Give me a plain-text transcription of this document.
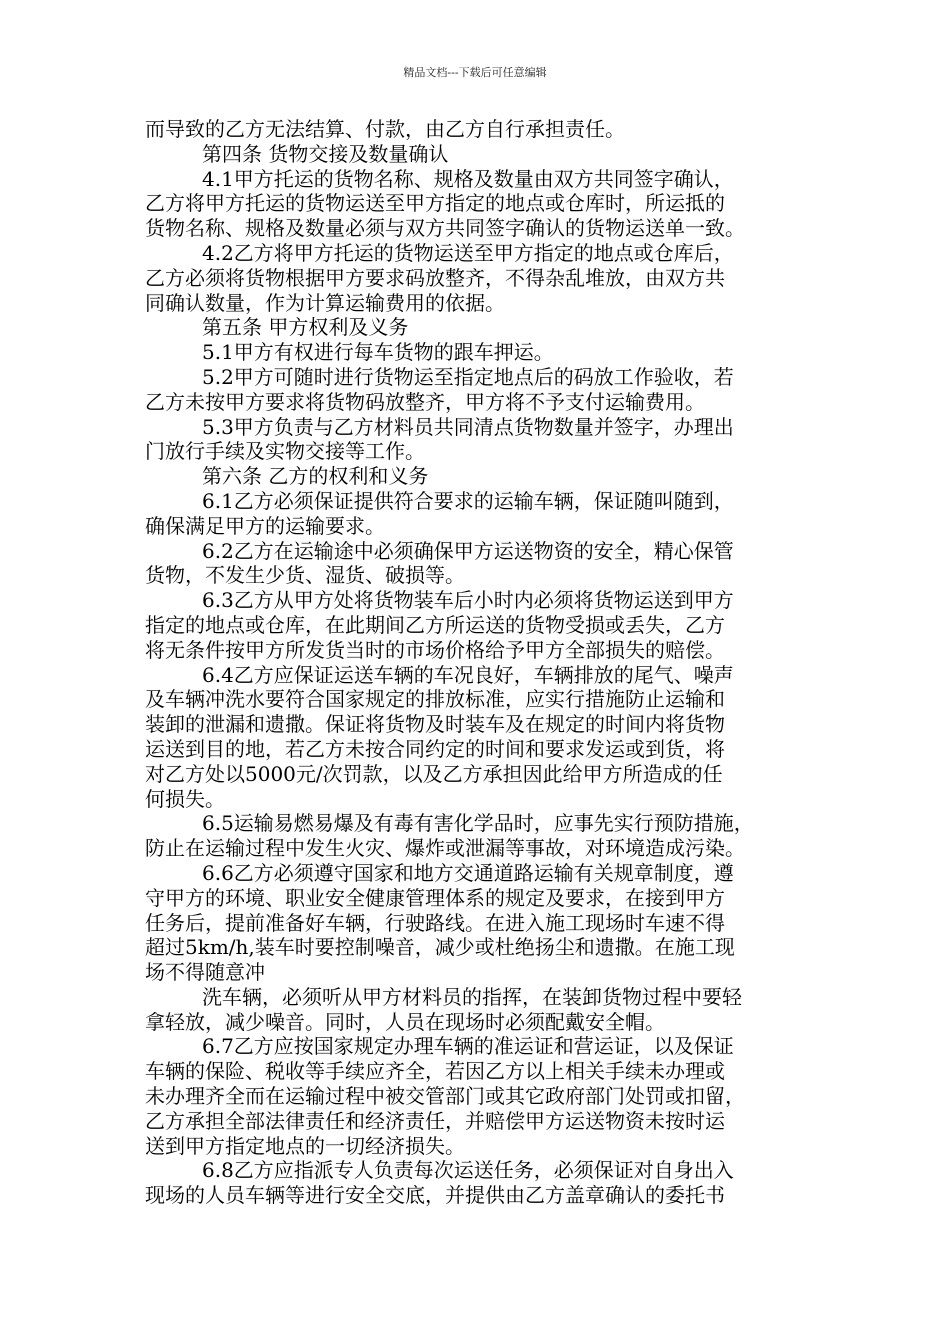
精品文档---下载后可任意编辑
而导致的乙方无法结算、付款，由乙方自行承担责任。
第四条 货物交接及数量确认
4.1甲方托运的货物名称、规格及数量由双方共同签字确认，
乙方将甲方托运的货物运送至甲方指定的地点或仓库时，所运抵的
货物名称、规格及数量必须与双方共同签字确认的货物运送单一致。
4.2乙方将甲方托运的货物运送至甲方指定的地点或仓库后，
乙方必须将货物根据甲方要求码放整齐，不得杂乱堆放，由双方共
同确认数量，作为计算运输费用的依据。
第五条 甲方权利及义务
5.1甲方有权进行每车货物的跟车押运。
5.2甲方可随时进行货物运至指定地点后的码放工作验收，若
乙方未按甲方要求将货物码放整齐，甲方将不予支付运输费用。
5.3甲方负责与乙方材料员共同清点货物数量并签字，办理出
门放行手续及实物交接等工作。
第六条 乙方的权利和义务
6.1乙方必须保证提供符合要求的运输车辆，保证随叫随到，
确保满足甲方的运输要求。
6.2乙方在运输途中必须确保甲方运送物资的安全，精心保管
货物，不发生少货、湿货、破损等。
6.3乙方从甲方处将货物装车后小时内必须将货物运送到甲方
指定的地点或仓库，在此期间乙方所运送的货物受损或丢失，乙方
将无条件按甲方所发货当时的市场价格给予甲方全部损失的赔偿。
6.4乙方应保证运送车辆的车况良好，车辆排放的尾气、噪声
及车辆冲洗水要符合国家规定的排放标准，应实行措施防止运输和
装卸的泄漏和遗撒。保证将货物及时装车及在规定的时间内将货物
运送到目的地，若乙方未按合同约定的时间和要求发运或到货，将
对乙方处以5000元/次罚款，以及乙方承担因此给甲方所造成的任
何损失。
6.5运输易燃易爆及有毒有害化学品时，应事先实行预防措施，
防止在运输过程中发生火灾、爆炸或泄漏等事故，对环境造成污染。
6.6乙方必须遵守国家和地方交通道路运输有关规章制度，遵
守甲方的环境、职业安全健康管理体系的规定及要求，在接到甲方
任务后，提前准备好车辆，行驶路线。在进入施工现场时车速不得
超过5km/h,装车时要控制噪音，减少或杜绝扬尘和遗撒。在施工现
场不得随意冲
洗车辆，必须听从甲方材料员的指挥，在装卸货物过程中要轻
拿轻放，减少噪音。同时，人员在现场时必须配戴安全帽。
6.7乙方应按国家规定办理车辆的准运证和营运证，以及保证
车辆的保险、税收等手续应齐全，若因乙方以上相关手续未办理或
未办理齐全而在运输过程中被交管部门或其它政府部门处罚或扣留，
乙方承担全部法律责任和经济责任，并赔偿甲方运送物资未按时运
送到甲方指定地点的一切经济损失。
6.8乙方应指派专人负责每次运送任务，必须保证对自身出入
现场的人员车辆等进行安全交底，并提供由乙方盖章确认的委托书
